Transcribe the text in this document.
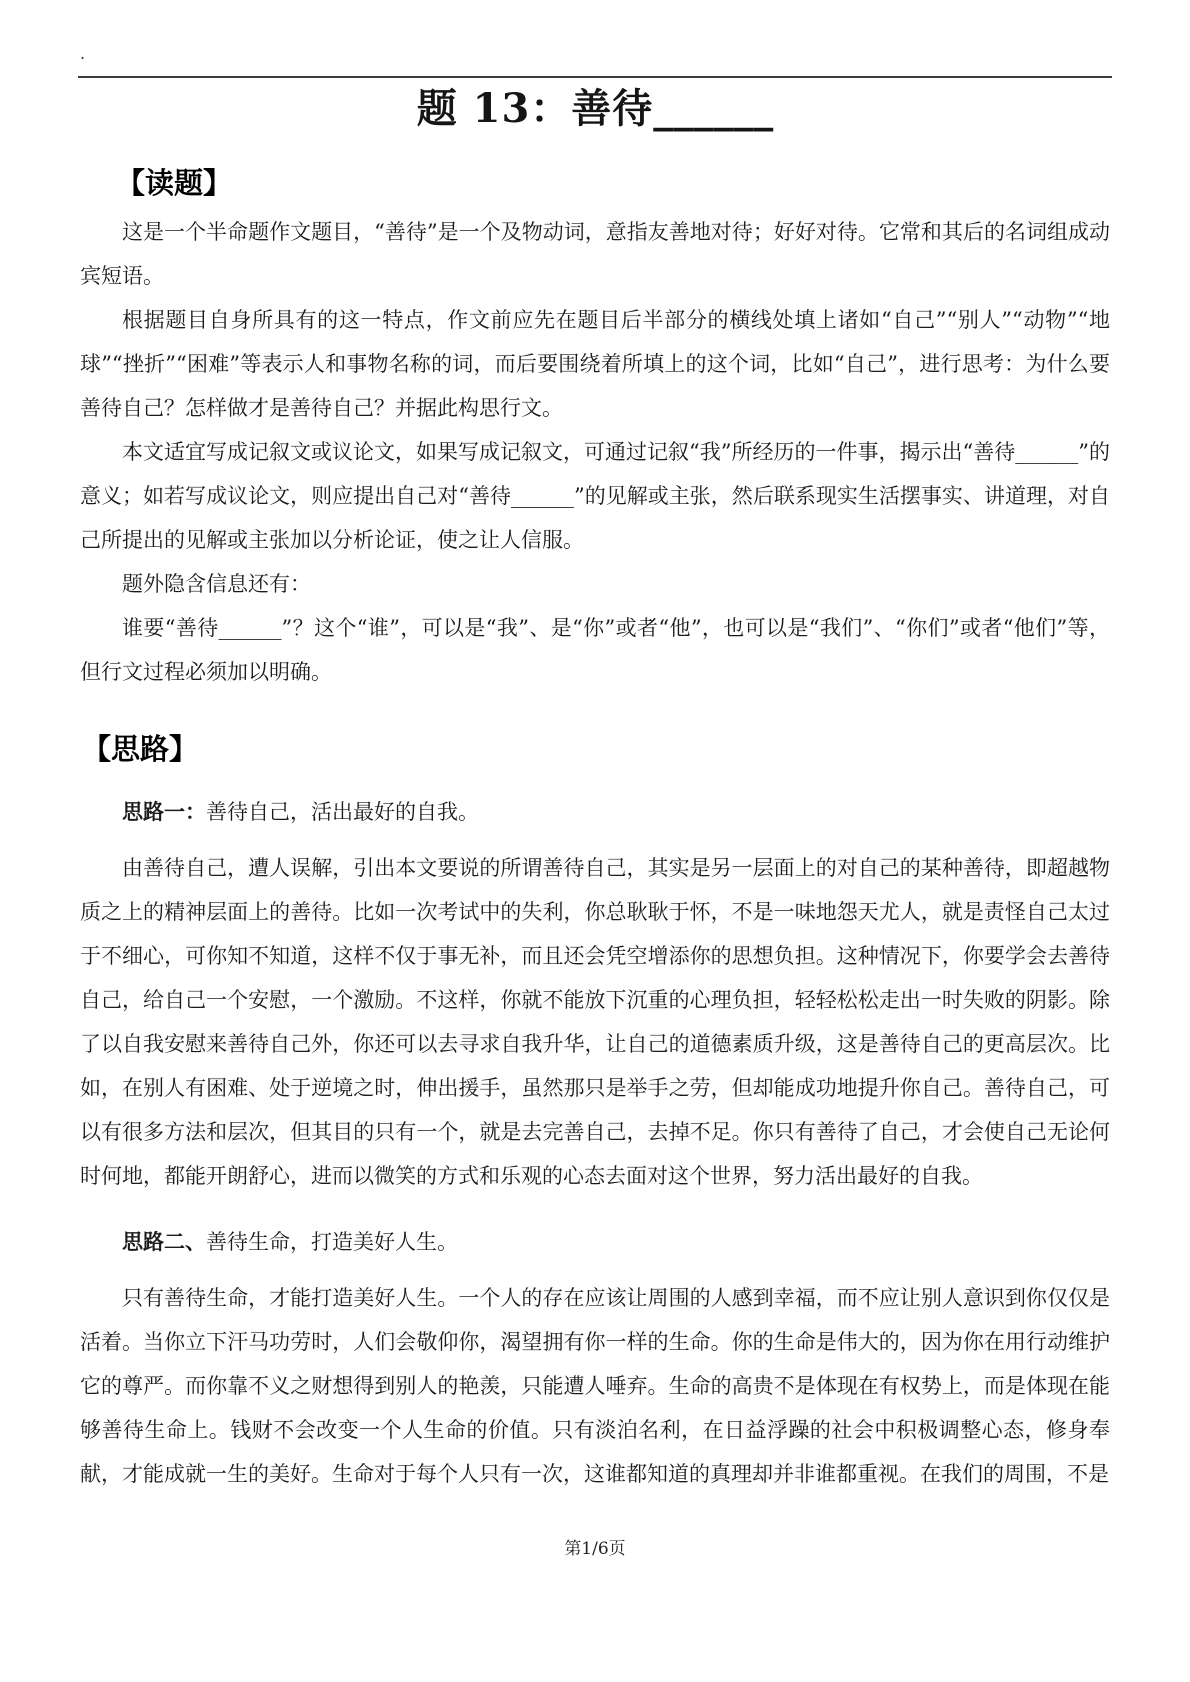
.
题 13：善待______
【读题】

这是一个半命题作文题目，“善待”是一个及物动词，意指友善地对待；好好对待。它常和其后的名词组成动宾短语。

根据题目自身所具有的这一特点，作文前应先在题目后半部分的横线处填上诸如“自己”“别人”“动物”“地球”“挫折”“困难”等表示人和事物名称的词，而后要围绕着所填上的这个词，比如“自己”，进行思考：为什么要善待自己？怎样做才是善待自己？并据此构思行文。

本文适宜写成记叙文或议论文，如果写成记叙文，可通过记叙“我”所经历的一件事，揭示出“善待______”的意义；如若写成议论文，则应提出自己对“善待______”的见解或主张，然后联系现实生活摆事实、讲道理，对自己所提出的见解或主张加以分析论证，使之让人信服。

题外隐含信息还有：

谁要“善待______”？这个“谁”，可以是“我”、是“你”或者“他”，也可以是“我们”、“你们”或者“他们”等，但行文过程必须加以明确。

【思路】

思路一：善待自己，活出最好的自我。

由善待自己，遭人误解，引出本文要说的所谓善待自己，其实是另一层面上的对自己的某种善待，即超越物质之上的精神层面上的善待。比如一次考试中的失利，你总耿耿于怀，不是一味地怨天尤人，就是责怪自己太过于不细心，可你知不知道，这样不仅于事无补，而且还会凭空增添你的思想负担。这种情况下，你要学会去善待自己，给自己一个安慰，一个激励。不这样，你就不能放下沉重的心理负担，轻轻松松走出一时失败的阴影。除了以自我安慰来善待自己外，你还可以去寻求自我升华，让自己的道德素质升级，这是善待自己的更高层次。比如，在别人有困难、处于逆境之时，伸出援手，虽然那只是举手之劳，但却能成功地提升你自己。善待自己，可以有很多方法和层次，但其目的只有一个，就是去完善自己，去掉不足。你只有善待了自己，才会使自己无论何时何地，都能开朗舒心，进而以微笑的方式和乐观的心态去面对这个世界，努力活出最好的自我。

思路二、善待生命，打造美好人生。

只有善待生命，才能打造美好人生。一个人的存在应该让周围的人感到幸福，而不应让别人意识到你仅仅是活着。当你立下汗马功劳时，人们会敬仰你，渴望拥有你一样的生命。你的生命是伟大的，因为你在用行动维护它的尊严。而你靠不义之财想得到别人的艳羡，只能遭人唾弃。生命的高贵不是体现在有权势上，而是体现在能够善待生命上。钱财不会改变一个人生命的价值。只有淡泊名利，在日益浮躁的社会中积极调整心态，修身奉献，才能成就一生的美好。生命对于每个人只有一次，这谁都知道的真理却并非谁都重视。在我们的周围，不是

第1/6页
